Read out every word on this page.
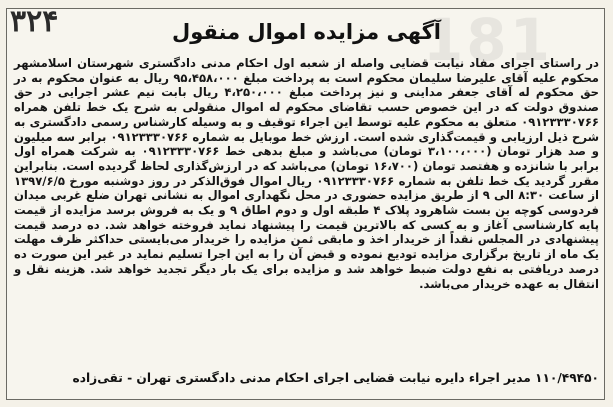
۳۲۴	آگهی مزایده اموال منقول
در راستای اجرای مفاد نیابت قضایی واصله از شعبه اول احکام مدنی دادگستری شهرستان اسلامشهر محکوم علیه آقای علیرضا سلیمان محکوم است به پرداخت مبلغ ۹۵،۴۵۸،۰۰۰ ریال به عنوان محکوم به در حق محکوم له آقای جعفر مداینی و نیز پرداخت مبلغ ۴،۲۵۰،۰۰۰ ریال بابت نیم عشر اجرایی در حق صندوق دولت که در این خصوص حسب تقاضای محکوم له اموال منقولی به شرح یک خط تلفن همراه ۰۹۱۲۳۳۳۰۷۶۶ متعلق به محکوم علیه توسط این اجراء توقیف و به وسیله کارشناس رسمی دادگستری به شرح ذیل ارزیابی و قیمت‌گذاری شده است. ارزش خط موبایل به شماره ۰۹۱۲۳۳۳۰۷۶۶ برابر سه میلیون و صد هزار تومان (۳،۱۰۰،۰۰۰ تومان) می‌باشد و مبلغ بدهی خط ۰۹۱۲۳۳۳۰۷۶۶ به شرکت همراه اول برابر با شانزده و هفتصد تومان (۱۶،۷۰۰ تومان) می‌باشد که در ارزش‌گذاری لحاظ گردیده است. بنابراین مقرر گردید یک خط تلفن به شماره ۰۹۱۲۳۳۳۰۷۶۶ ریال اموال فوق‌الذکر در روز دوشنبه مورخ ۱۳۹۷/۶/۵ از ساعت ۸:۳۰ الی ۹ از طریق مزایده حضوری در محل نگهداری اموال به نشانی تهران ضلع غربی میدان فردوسی کوچه بن بست شاهرود پلاک ۴ طبقه اول و دوم اطاق ۹ و یک به فروش برسد مزایده از قیمت پایه کارشناسی آغاز و به کسی که بالاترین قیمت را پیشنهاد نماید فروخته خواهد شد. ده درصد قیمت پیشنهادی در المجلس نقداً از خریدار اخذ و مابقی ثمن مزایده را خریدار می‌بایستی حداکثر ظرف مهلت یک ماه از تاریخ برگزاری مزایده تودیع نموده و قبض آن را به این اجرا تسلیم نماید در غیر این صورت ده درصد دریافتی به نفع دولت ضبط خواهد شد و مزایده برای یک بار دیگر تجدید خواهد شد. هزینه نقل و انتقال به عهده خریدار می‌باشد.
۱۱۰/۴۹۴۵۰ مدیر اجراء دایره نیابت قضایی اجرای احکام مدنی دادگستری تهران - تقی‌زاده
